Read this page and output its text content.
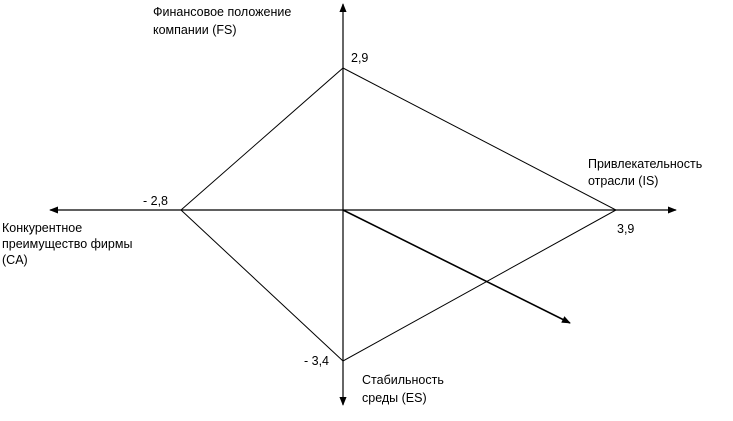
Финансовое положение компании (FS)
2,9
Привлекательность отрасли (IS)
3,9
Конкурентное преимущество фирмы (CA)
- 2,8
Стабильность среды (ES)
- 3,4
